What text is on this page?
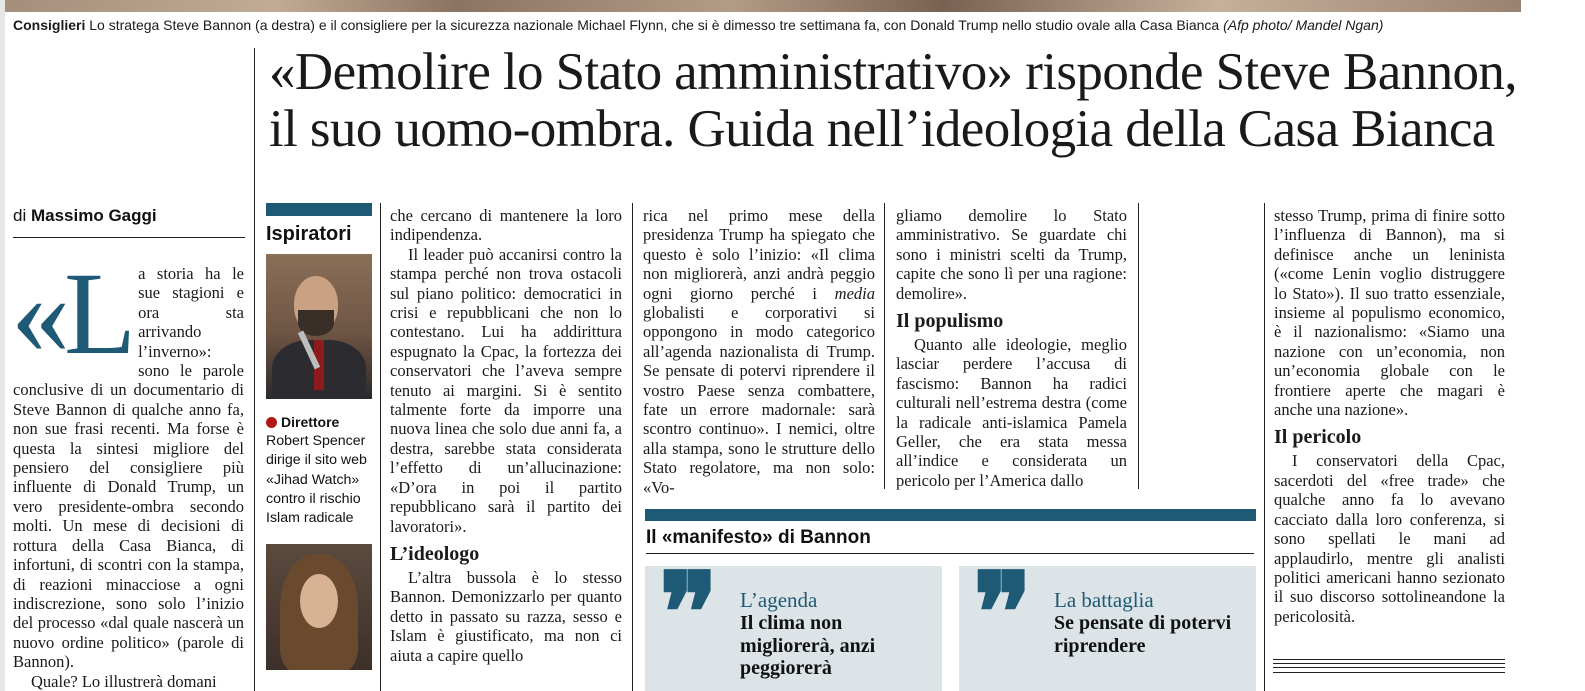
Consiglieri Lo stratega Steve Bannon (a destra) e il consigliere per la sicurezza nazionale Michael Flynn, che si è dimesso tre settimana fa, con Donald Trump nello studio ovale alla Casa Bianca (Afp photo/ Mandel Ngan)
«Demolire lo Stato amministrativo» risponde Steve Bannon,
il suo uomo-ombra. Guida nell’ideologia della Casa Bianca
di Massimo Gaggi
«L a storia ha le sue stagioni e ora sta arrivando l’inverno»: sono le parole conclusive di un documentario di Steve Bannon di qualche anno fa, non sue frasi recenti. Ma forse è questa la sintesi migliore del pensiero del consigliere più influente di Donald Trump, un vero presidente-ombra secondo molti. Un mese di decisioni di rottura della Casa Bianca, di infortuni, di scontri con la stampa, di reazioni minacciose a ogni indiscrezione, sono solo l’inizio del processo «dal quale nascerà un nuovo ordine politico» (parole di Bannon).

Quale? Lo illustrerà domani

Ispiratori
Direttore
Robert Spencer dirige il sito web «Jihad Watch» contro il rischio Islam radicale

che cercano di mantenere la loro indipendenza.

Il leader può accanirsi contro la stampa perché non trova ostacoli sul piano politico: democratici in crisi e repubblicani che non lo contestano. Lui ha addirittura espugnato la Cpac, la fortezza dei conservatori che l’aveva sempre tenuto ai margini. Si è sentito talmente forte da imporre una nuova linea che solo due anni fa, a destra, sarebbe stata considerata l’effetto di un’allucinazione: «D’ora in poi il partito repubblicano sarà il partito dei lavoratori».

L’ideologo

L’altra bussola è lo stesso Bannon. Demonizzarlo per quanto detto in passato su razza, sesso e Islam è giustificato, ma non ci aiuta a capire quello

rica nel primo mese della presidenza Trump ha spiegato che questo è solo l’inizio: «Il clima non migliorerà, anzi andrà peggio ogni giorno perché i media globalisti e corporativi si oppongono in modo categorico all’agenda nazionalista di Trump. Se pensate di potervi riprendere il vostro Paese senza combattere, fate un errore madornale: sarà scontro continuo». I nemici, oltre alla stampa, sono le strutture dello Stato regolatore, ma non solo: «Vo-

gliamo demolire lo Stato amministrativo. Se guardate chi sono i ministri scelti da Trump, capite che sono lì per una ragione: demolire».

Il populismo

Quanto alle ideologie, meglio lasciar perdere l’accusa di fascismo: Bannon ha radici culturali nell’estrema destra (come la radicale anti-islamica Pamela Geller, che era stata messa all’indice e considerata un pericolo per l’America dallo

stesso Trump, prima di finire sotto l’influenza di Bannon), ma si definisce anche un leninista («come Lenin voglio distruggere lo Stato»). Il suo tratto essenziale, insieme al populismo economico, è il nazionalismo: «Siamo una nazione con un’economia, non un’economia globale con le frontiere aperte che magari è anche una nazione».

Il pericolo

I conservatori della Cpac, sacerdoti del «free trade» che qualche anno fa lo avevano cacciato dalla loro conferenza, si sono spellati le mani ad applaudirlo, mentre gli analisti politici americani hanno sezionato il suo discorso sottolineandone la pericolosità.

Il «manifesto» di Bannon
❞ L’agenda
Il clima non migliorerà, anzi peggiorerà	❞ La battaglia
Se pensate di potervi riprendere
